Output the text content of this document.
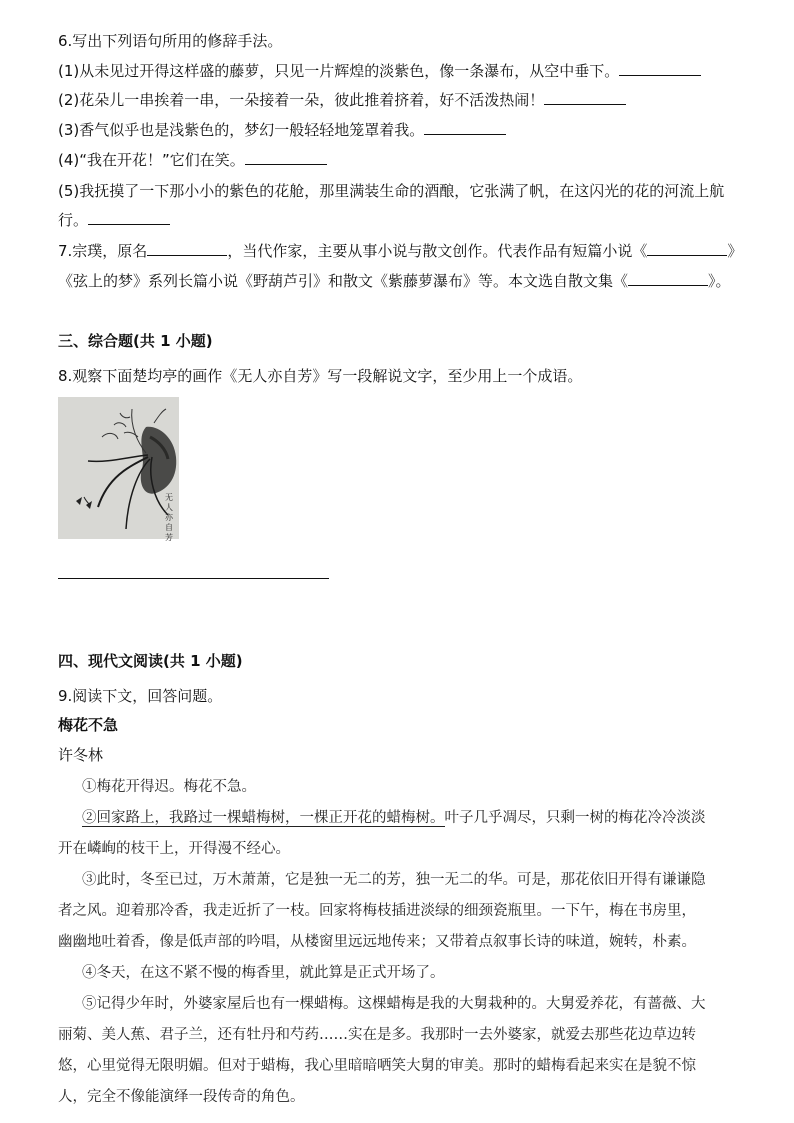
6.写出下列语句所用的修辞手法。
(1)从未见过开得这样盛的藤萝，只见一片辉煌的淡紫色，像一条瀑布，从空中垂下。
(2)花朵儿一串挨着一串，一朵接着一朵，彼此推着挤着，好不活泼热闹！
(3)香气似乎也是浅紫色的，梦幻一般轻轻地笼罩着我。
(4)“我在开花！”它们在笑。
(5)我抚摸了一下那小小的紫色的花舱，那里满装生命的酒酿，它张满了帆，在这闪光的花的河流上航
行。
7.宗璞，原名	，当代作家，主要从事小说与散文创作。代表作品有短篇小说《	》
《弦上的梦》系列长篇小说《野葫芦引》和散文《紫藤萝瀑布》等。本文选自散文集《	》。
三、综合题(共 1 小题)
8.观察下面楚均亭的画作《无人亦自芳》写一段解说文字，至少用上一个成语。
无人亦自芳
四、现代文阅读(共 1 小题)
9.阅读下文，回答问题。
梅花不急
许冬林
①梅花开得迟。梅花不急。
②回家路上，我路过一棵蜡梅树，一棵正开花的蜡梅树。叶子几乎凋尽，只剩一树的梅花冷冷淡淡
开在嶙峋的枝干上，开得漫不经心。
③此时，冬至已过，万木萧萧，它是独一无二的芳，独一无二的华。可是，那花依旧开得有谦谦隐
者之风。迎着那冷香，我走近折了一枝。回家将梅枝插进淡绿的细颈瓷瓶里。一下午，梅在书房里，
幽幽地吐着香，像是低声部的吟唱，从楼窗里远远地传来；又带着点叙事长诗的味道，婉转，朴素。
④冬天，在这不紧不慢的梅香里，就此算是正式开场了。
⑤记得少年时，外婆家屋后也有一棵蜡梅。这棵蜡梅是我的大舅栽种的。大舅爱养花，有蔷薇、大
丽菊、美人蕉、君子兰，还有牡丹和芍药……实在是多。我那时一去外婆家，就爱去那些花边草边转
悠，心里觉得无限明媚。但对于蜡梅，我心里暗暗哂笑大舅的审美。那时的蜡梅看起来实在是貌不惊
人，完全不像能演绎一段传奇的角色。
